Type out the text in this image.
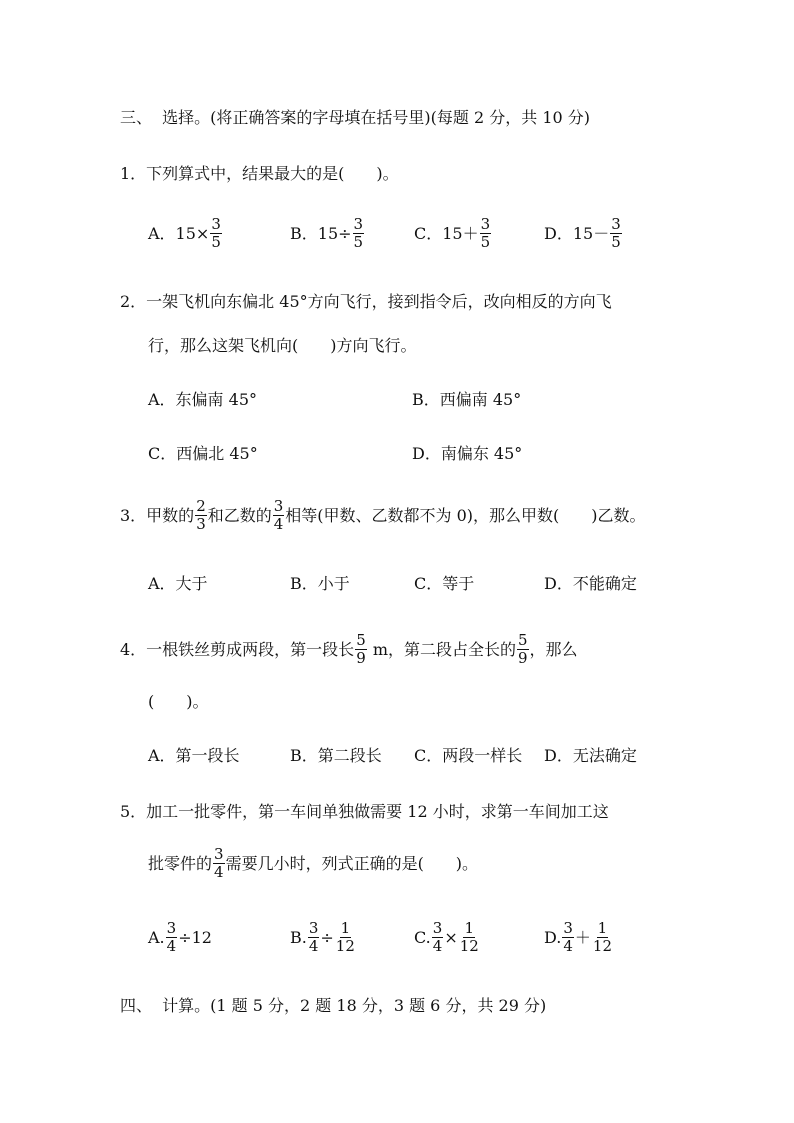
三、  选择。(将正确答案的字母填在括号里)(每题 2 分，共 10 分)
1．下列算式中，结果最大的是(　　)。
A．$15\times \frac{3}{5}$	B．$15\div \frac{3}{5}$	C．$15+ \frac{3}{5}$	D．$15- \frac{3}{5}$
2．一架飞机向东偏北 45°方向飞行，接到指令后，改向相反的方向飞
行，那么这架飞机向(　　)方向飞行。
A．东偏南 45°	B．西偏南 45°
C．西偏北 45°	D．南偏东 45°
3．甲数的 $\frac{2}{3}$ 和乙数的 $\frac{3}{4}$ 相等(甲数、乙数都不为 0)，那么甲数(　　)乙数。
A．大于	B．小于	C．等于	D．不能确定
4．一根铁丝剪成两段，第一段长 $\frac{5}{9}$ m，第二段占全长的 $\frac{5}{9}$ ，那么
(　　)。
A．第一段长	B．第二段长 C．两段一样长 D．无法确定
5．加工一批零件，第一车间单独做需要 12 小时，求第一车间加工这
批零件的 $\frac{3}{4}$ 需要几小时，列式正确的是(　　)。
A. $\frac{3}{4} \div 12$	B. $\frac{3}{4} \div \frac{1}{12}$	C. $\frac{3}{4} \times \frac{1}{12}$	D. $\frac{3}{4} + \frac{1}{12}$
四、  计算。(1 题 5 分，2 题 18 分，3 题 6 分，共 29 分)
